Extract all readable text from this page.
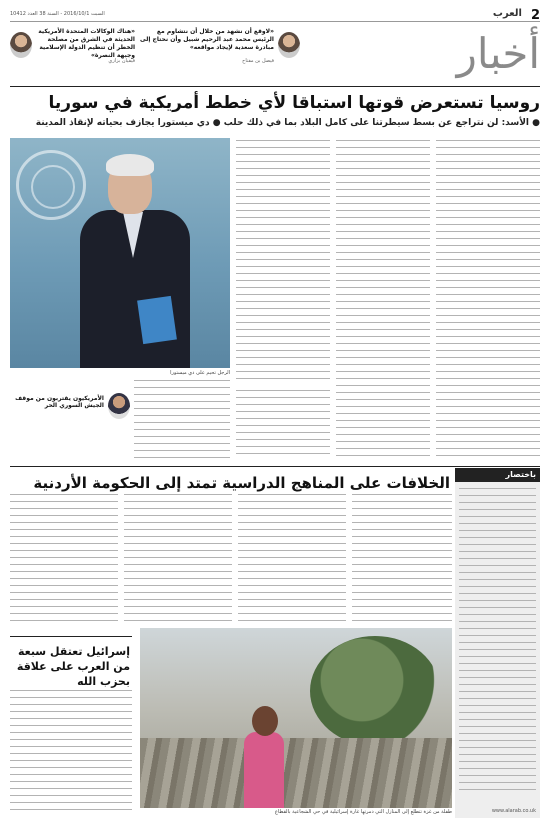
2
العرب
السبت 2016/10/1 - السنة 38 العدد 10412
أخبار
«لاوقع أن نشهد من خلال أن نتشاوم مع الرئيس محمد عبد الرحيم شبيل وأن نحتاج إلى مبادرة سعدية لإيجاد مواقعه»
فيصل بن مفتاح
«هناك الوكالات المتحدة الأمريكية الحديثة في الشرق من مصلحة الخطر أن تنظيم الدولة الإسلامية وجبهة النصرة»
فيفيان بزازي
روسيا تستعرض قوتها استباقا لأي خطط أمريكية في سوريا
● الأسد: لن نتراجع عن بسط سيطرتنا على كامل البلاد بما في ذلك حلب ● دي ميستورا يجازف بحياته لإنقاذ المدينة
الرجل تحيم على دي ميستورا
الأمريكيون يقتربون من موقف الجيش السوري الحر
الخلافات على المناهج الدراسية تمتد إلى الحكومة الأردنية	باختصار
www.alarab.co.uk
إسرائيل تعتقل سبعة من العرب على علاقة بحزب الله
طفلة من غزة تتطلع إلى المنازل التي دمرتها غارة إسرائيلية في حي الشجاعية بالقطاع
